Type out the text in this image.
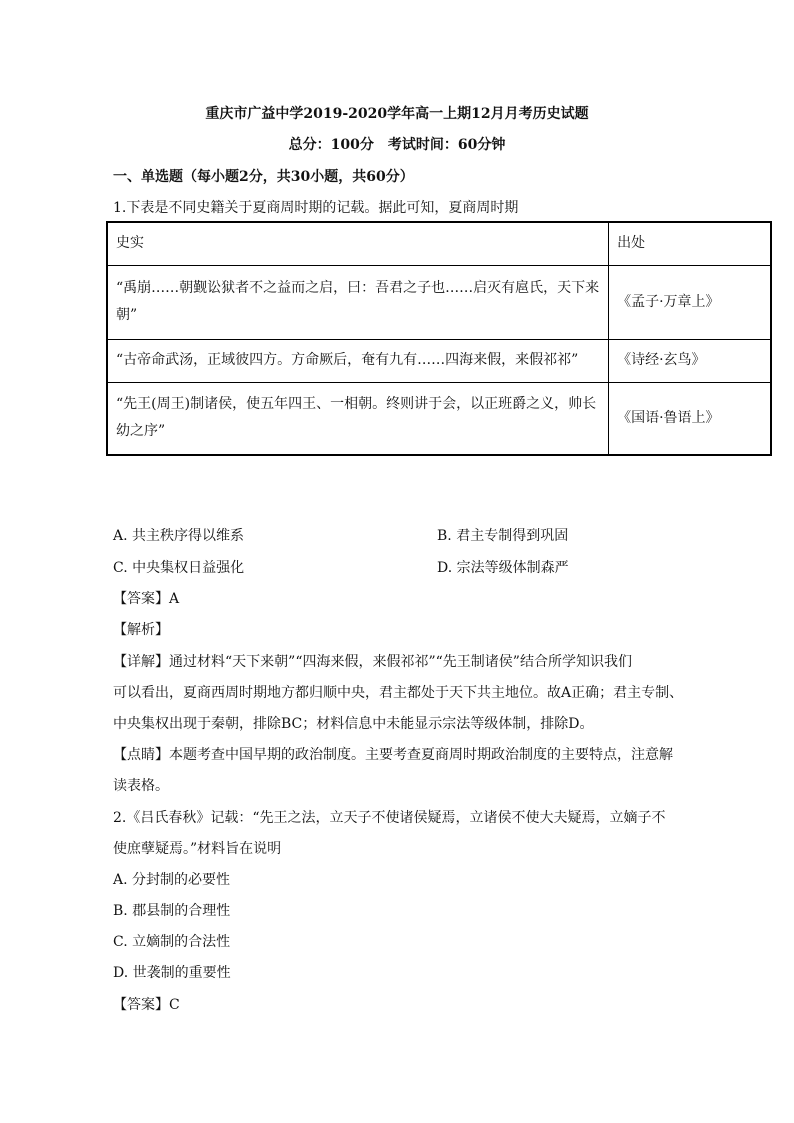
重庆市广益中学2019-2020学年高一上期12月月考历史试题
总分：100分　考试时间：60分钟
一、单选题（每小题2分，共30小题，共60分）
1.下表是不同史籍关于夏商周时期的记载。据此可知，夏商周时期
史实	出处

“禹崩……朝觐讼狱者不之益而之启，曰：吾君之子也……启灭有扈氏，天下来
朝”	《孟子·万章上》
“古帝命武汤，正域彼四方。方命厥后，奄有九有……四海来假，来假祁祁”	《诗经·玄鸟》

“先王(周王)制诸侯，使五年四王、一相朝。终则讲于会，以正班爵之义，帅长
幼之序”	《国语·鲁语上》
A. 共主秩序得以维系	B. 君主专制得到巩固
C. 中央集权日益强化	D. 宗法等级体制森严
【答案】A
【解析】
【详解】通过材料“天下来朝”“四海来假，来假祁祁”“先王制诸侯”结合所学知识我们
可以看出，夏商西周时期地方都归顺中央，君主都处于天下共主地位。故A正确；君主专制、
中央集权出现于秦朝，排除BC；材料信息中未能显示宗法等级体制，排除D。
【点睛】本题考查中国早期的政治制度。主要考查夏商周时期政治制度的主要特点，注意解
读表格。
2.《吕氏春秋》记载：“先王之法，立天子不使诸侯疑焉，立诸侯不使大夫疑焉，立嫡子不
使庶孽疑焉。”材料旨在说明
A. 分封制的必要性
B. 郡县制的合理性
C. 立嫡制的合法性
D. 世袭制的重要性
【答案】C
